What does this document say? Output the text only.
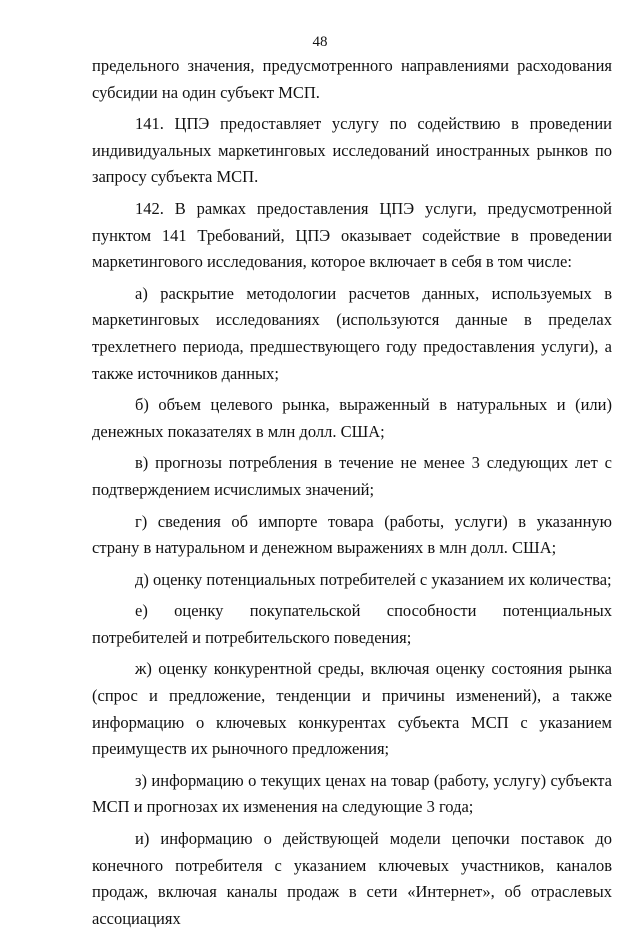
48

предельного значения, предусмотренного направлениями расходования субсидии на один субъект МСП.

141. ЦПЭ предоставляет услугу по содействию в проведении индивидуальных маркетинговых исследований иностранных рынков по запросу субъекта МСП.

142. В рамках предоставления ЦПЭ услуги, предусмотренной пунктом 141 Требований, ЦПЭ оказывает содействие в проведении маркетингового исследования, которое включает в себя в том числе:

а) раскрытие методологии расчетов данных, используемых в маркетинговых исследованиях (используются данные в пределах трехлетнего периода, предшествующего году предоставления услуги), а также источников данных;

б) объем целевого рынка, выраженный в натуральных и (или) денежных показателях в млн долл. США;

в) прогнозы потребления в течение не менее 3 следующих лет с подтверждением исчислимых значений;

г) сведения об импорте товара (работы, услуги) в указанную страну в натуральном и денежном выражениях в млн долл. США;

д) оценку потенциальных потребителей с указанием их количества;

е) оценку покупательской способности потенциальных потребителей и потребительского поведения;

ж) оценку конкурентной среды, включая оценку состояния рынка (спрос и предложение, тенденции и причины изменений), а также информацию о ключевых конкурентах субъекта МСП с указанием преимуществ их рыночного предложения;

з) информацию о текущих ценах на товар (работу, услугу) субъекта МСП и прогнозах их изменения на следующие 3 года;

и) информацию о действующей модели цепочки поставок до конечного потребителя с указанием ключевых участников, каналов продаж, включая каналы продаж в сети «Интернет», об отраслевых ассоциациях
